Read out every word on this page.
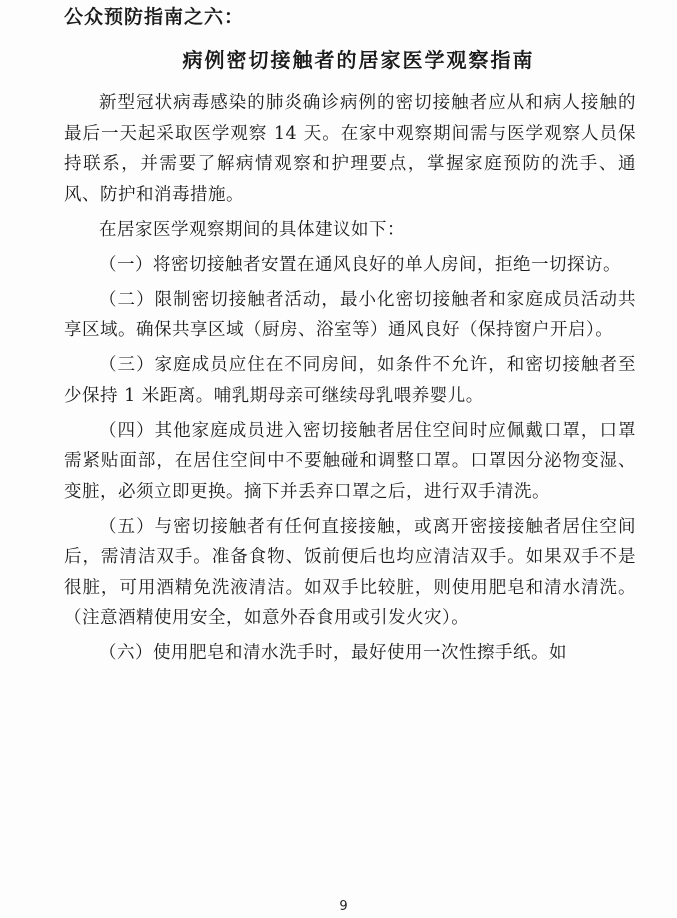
公众预防指南之六：
病例密切接触者的居家医学观察指南

新型冠状病毒感染的肺炎确诊病例的密切接触者应从和病人接触的最后一天起采取医学观察 14 天。在家中观察期间需与医学观察人员保持联系，并需要了解病情观察和护理要点，掌握家庭预防的洗手、通风、防护和消毒措施。

在居家医学观察期间的具体建议如下：

（一）将密切接触者安置在通风良好的单人房间，拒绝一切探访。

（二）限制密切接触者活动，最小化密切接触者和家庭成员活动共享区域。确保共享区域（厨房、浴室等）通风良好（保持窗户开启）。

（三）家庭成员应住在不同房间，如条件不允许，和密切接触者至少保持 1 米距离。哺乳期母亲可继续母乳喂养婴儿。

（四）其他家庭成员进入密切接触者居住空间时应佩戴口罩，口罩需紧贴面部，在居住空间中不要触碰和调整口罩。口罩因分泌物变湿、变脏，必须立即更换。摘下并丢弃口罩之后，进行双手清洗。

（五）与密切接触者有任何直接接触，或离开密接接触者居住空间后，需清洁双手。准备食物、饭前便后也均应清洁双手。如果双手不是很脏，可用酒精免洗液清洁。如双手比较脏，则使用肥皂和清水清洗。（注意酒精使用安全，如意外吞食用或引发火灾）。

（六）使用肥皂和清水洗手时，最好使用一次性擦手纸。如

9
